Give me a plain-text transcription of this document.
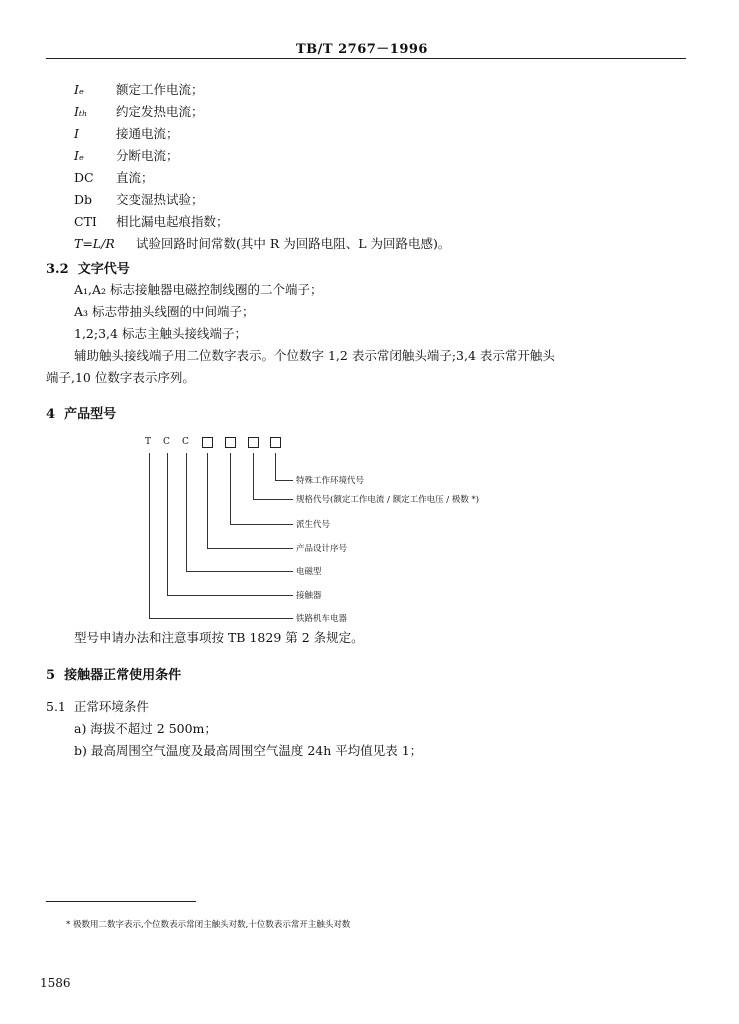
TB/T 2767－1996
Iₑ	额定工作电流；
Iₜₕ 约定发热电流；
I	接通电流；
Iₑ	分断电流；
DC 直流；
Db 交变湿热试验；
CTI 相比漏电起痕指数；
T=L/R 试验回路时间常数(其中 R 为回路电阻、L 为回路电感)。
3.2 文字代号
A₁,A₂ 标志接触器电磁控制线圈的二个端子；
A₃ 标志带抽头线圈的中间端子；
1,2;3,4 标志主触头接线端子；
辅助触头接线端子用二位数字表示。个位数字 1,2 表示常闭触头端子;3,4 表示常开触头
端子,10 位数字表示序列。
4 产品型号
T C C
特殊工作环境代号
规格代号(额定工作电流 / 额定工作电压 / 极数 *)
派生代号
产品设计序号
电磁型
接触器
铁路机车电器
型号申请办法和注意事项按 TB 1829 第 2 条规定。
5 接触器正常使用条件
5.1 正常环境条件
a) 海拔不超过 2 500m；
b) 最高周围空气温度及最高周围空气温度 24h 平均值见表 1；
* 极数用二数字表示,个位数表示常闭主触头对数,十位数表示常开主触头对数
1586
